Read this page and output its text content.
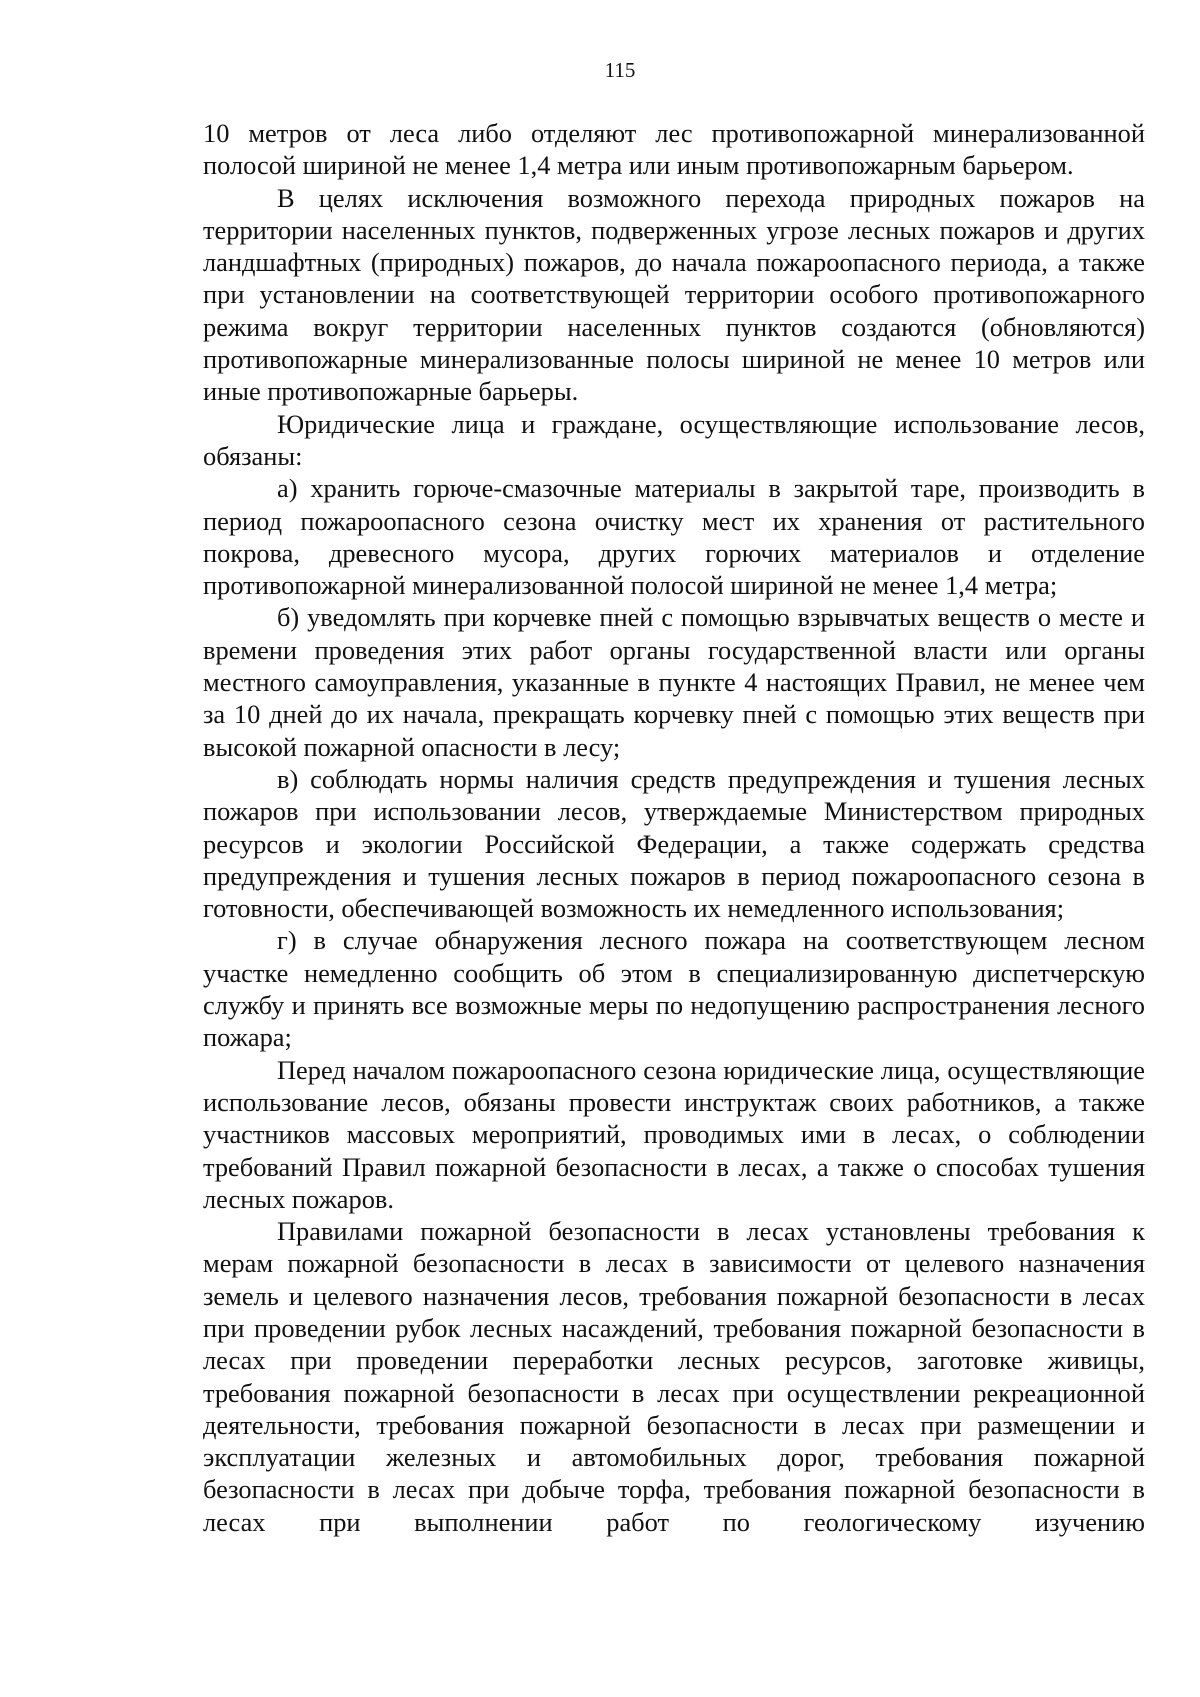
115

10 метров от леса либо отделяют лес противопожарной минерализованной полосой шириной не менее 1,4 метра или иным противопожарным барьером.

В целях исключения возможного перехода природных пожаров на территории населенных пунктов, подверженных угрозе лесных пожаров и других ландшафтных (природных) пожаров, до начала пожароопасного периода, а также при установлении на соответствующей территории особого противопожарного режима вокруг территории населенных пунктов создаются (обновляются) противопожарные минерализованные полосы шириной не менее 10 метров или иные противопожарные барьеры.

Юридические лица и граждане, осуществляющие использование лесов, обязаны:

а) хранить горюче-смазочные материалы в закрытой таре, производить в период пожароопасного сезона очистку мест их хранения от растительного покрова, древесного мусора, других горючих материалов и отделение противопожарной минерализованной полосой шириной не менее 1,4 метра;

б) уведомлять при корчевке пней с помощью взрывчатых веществ о месте и времени проведения этих работ органы государственной власти или органы местного самоуправления, указанные в пункте 4 настоящих Правил, не менее чем за 10 дней до их начала, прекращать корчевку пней с помощью этих веществ при высокой пожарной опасности в лесу;

в) соблюдать нормы наличия средств предупреждения и тушения лесных пожаров при использовании лесов, утверждаемые Министерством природных ресурсов и экологии Российской Федерации, а также содержать средства предупреждения и тушения лесных пожаров в период пожароопасного сезона в готовности, обеспечивающей возможность их немедленного использования;

г) в случае обнаружения лесного пожара на соответствующем лесном участке немедленно сообщить об этом в специализированную диспетчерскую службу и принять все возможные меры по недопущению распространения лесного пожара;

Перед началом пожароопасного сезона юридические лица, осуществляющие использование лесов, обязаны провести инструктаж своих работников, а также участников массовых мероприятий, проводимых ими в лесах, о соблюдении требований Правил пожарной безопасности в лесах, а также о способах тушения лесных пожаров.

Правилами пожарной безопасности в лесах установлены требования к мерам пожарной безопасности в лесах в зависимости от целевого назначения земель и целевого назначения лесов, требования пожарной безопасности в лесах при проведении рубок лесных насаждений, требования пожарной безопасности в лесах при проведении переработки лесных ресурсов, заготовке живицы, требования пожарной безопасности в лесах при осуществлении рекреационной деятельности, требования пожарной безопасности в лесах при размещении и эксплуатации железных и автомобильных дорог, требования пожарной безопасности в лесах при добыче торфа, требования пожарной безопасности в лесах при выполнении работ по геологическому изучению
